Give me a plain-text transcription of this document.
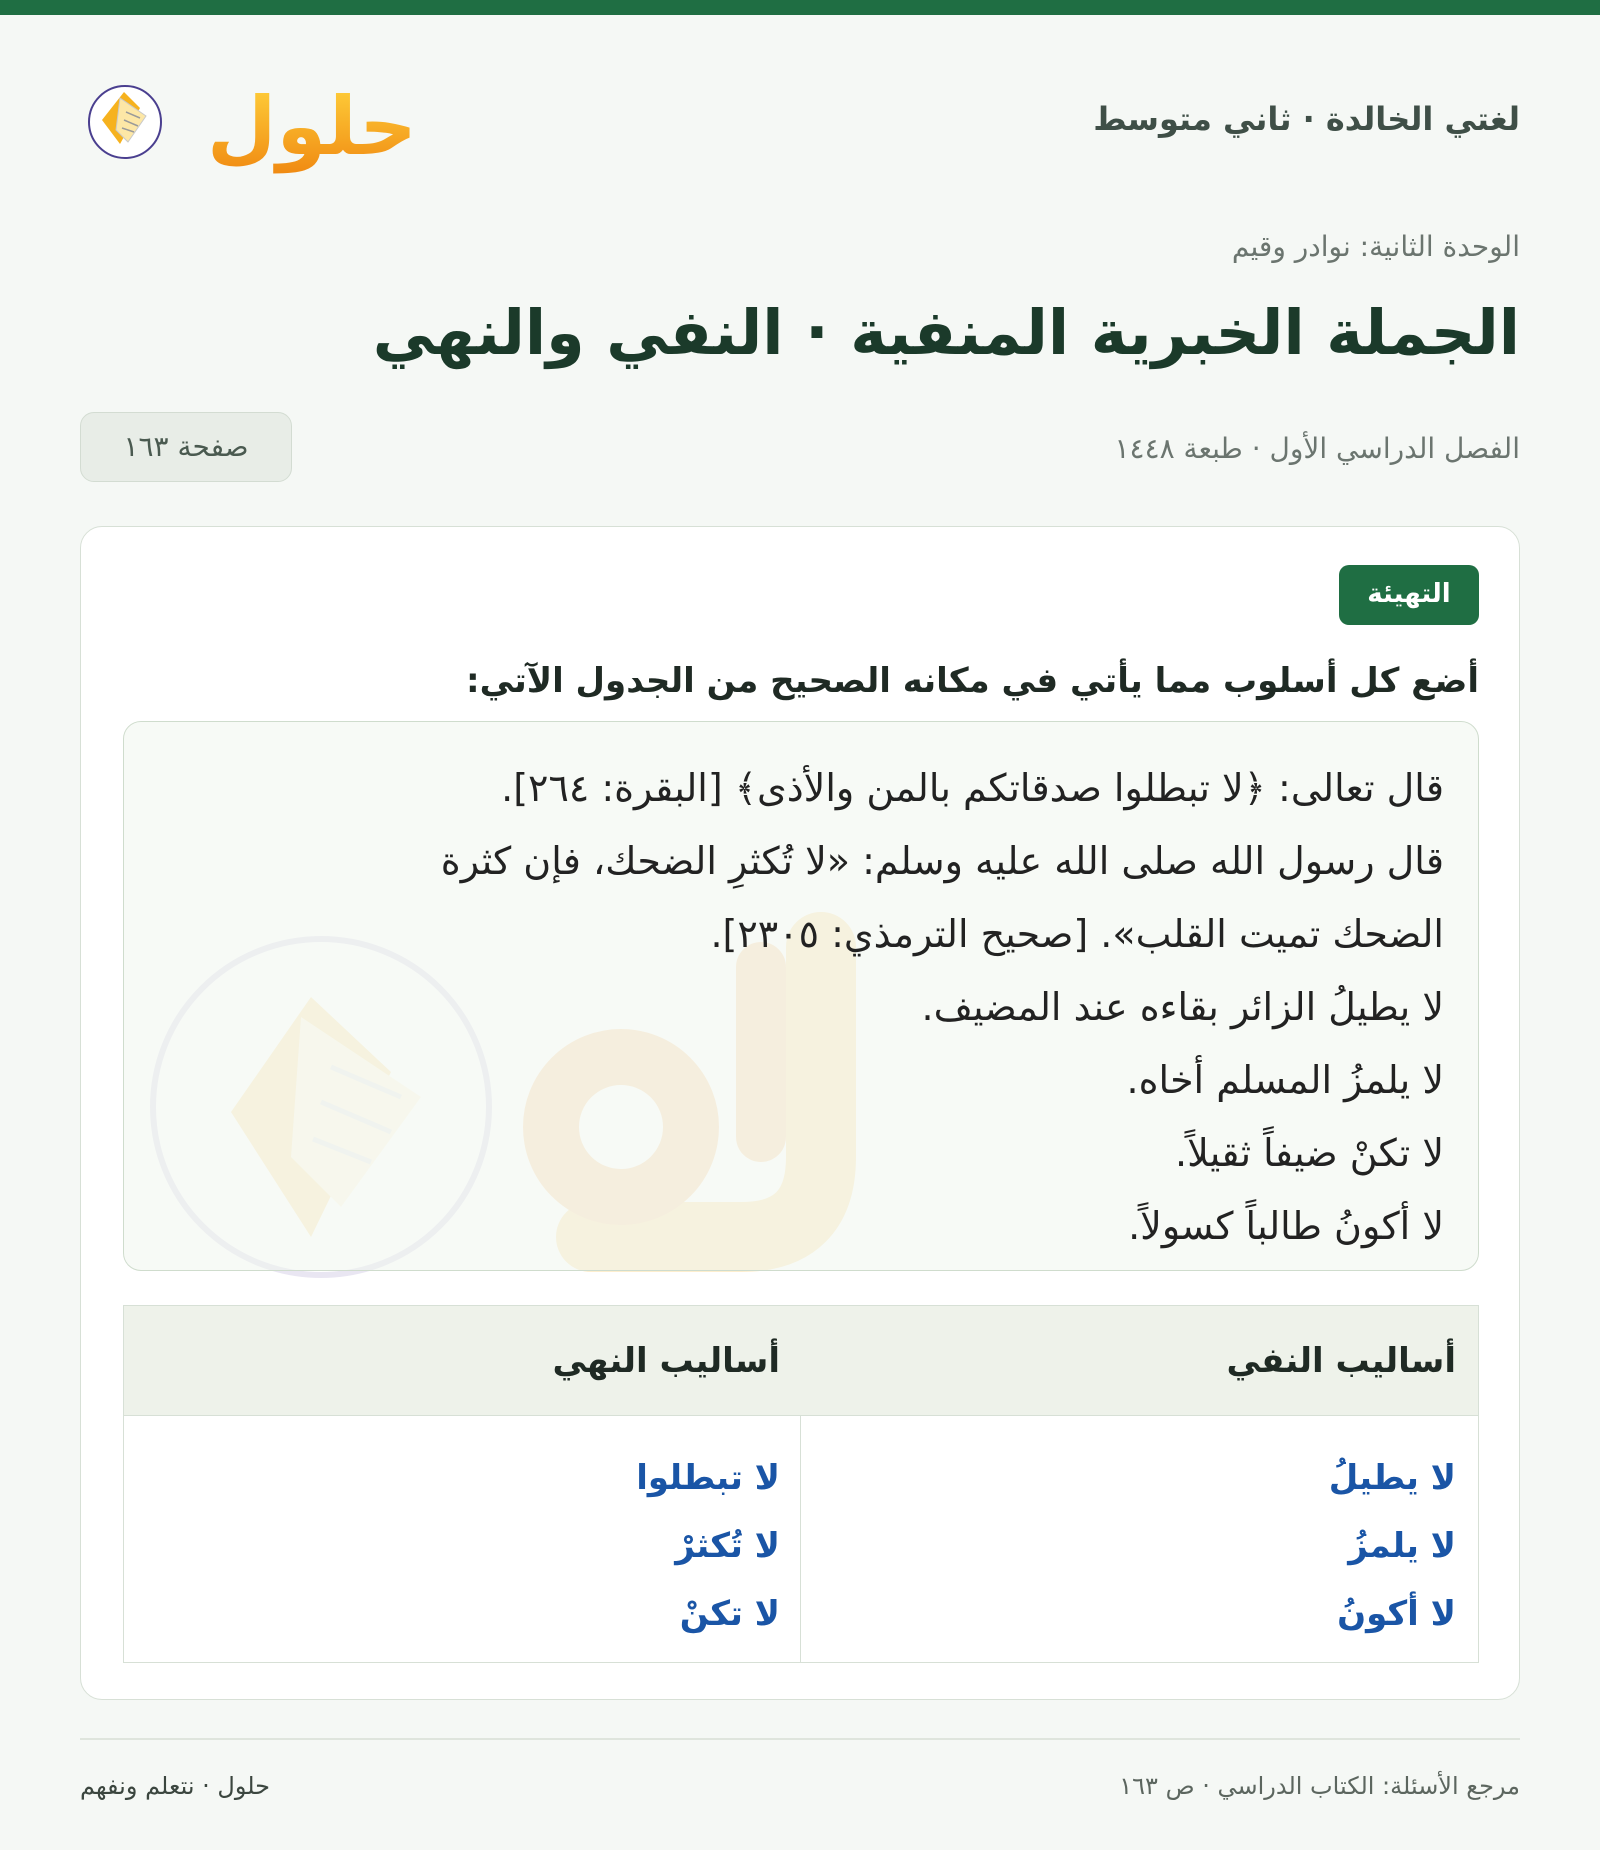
لغتي الخالدة · ثاني متوسط
حلول
الوحدة الثانية: نوادر وقيم
الجملة الخبرية المنفية · النفي والنهي
الفصل الدراسي الأول · طبعة ١٤٤٨
صفحة ١٦٣
التهيئة
أضع كل أسلوب مما يأتي في مكانه الصحيح من الجدول الآتي:
قال تعالى: ﴿لا تبطلوا صدقاتكم بالمن والأذى﴾ [البقرة: ٢٦٤].
قال رسول الله صلى الله عليه وسلم: «لا تُكثرِ الضحك، فإن كثرة
الضحك تميت القلب». [صحيح الترمذي: ٢٣٠٥].
لا يطيلُ الزائر بقاءه عند المضيف.
لا يلمزُ المسلم أخاه.
لا تكنْ ضيفاً ثقيلاً.
لا أكونُ طالباً كسولاً.
أساليب النفي
لا يطيلُ
لا يلمزُ
لا أكونُ
أساليب النهي
لا تبطلوا
لا تُكثرْ
لا تكنْ
مرجع الأسئلة: الكتاب الدراسي · ص ١٦٣
حلول · نتعلم ونفهم
